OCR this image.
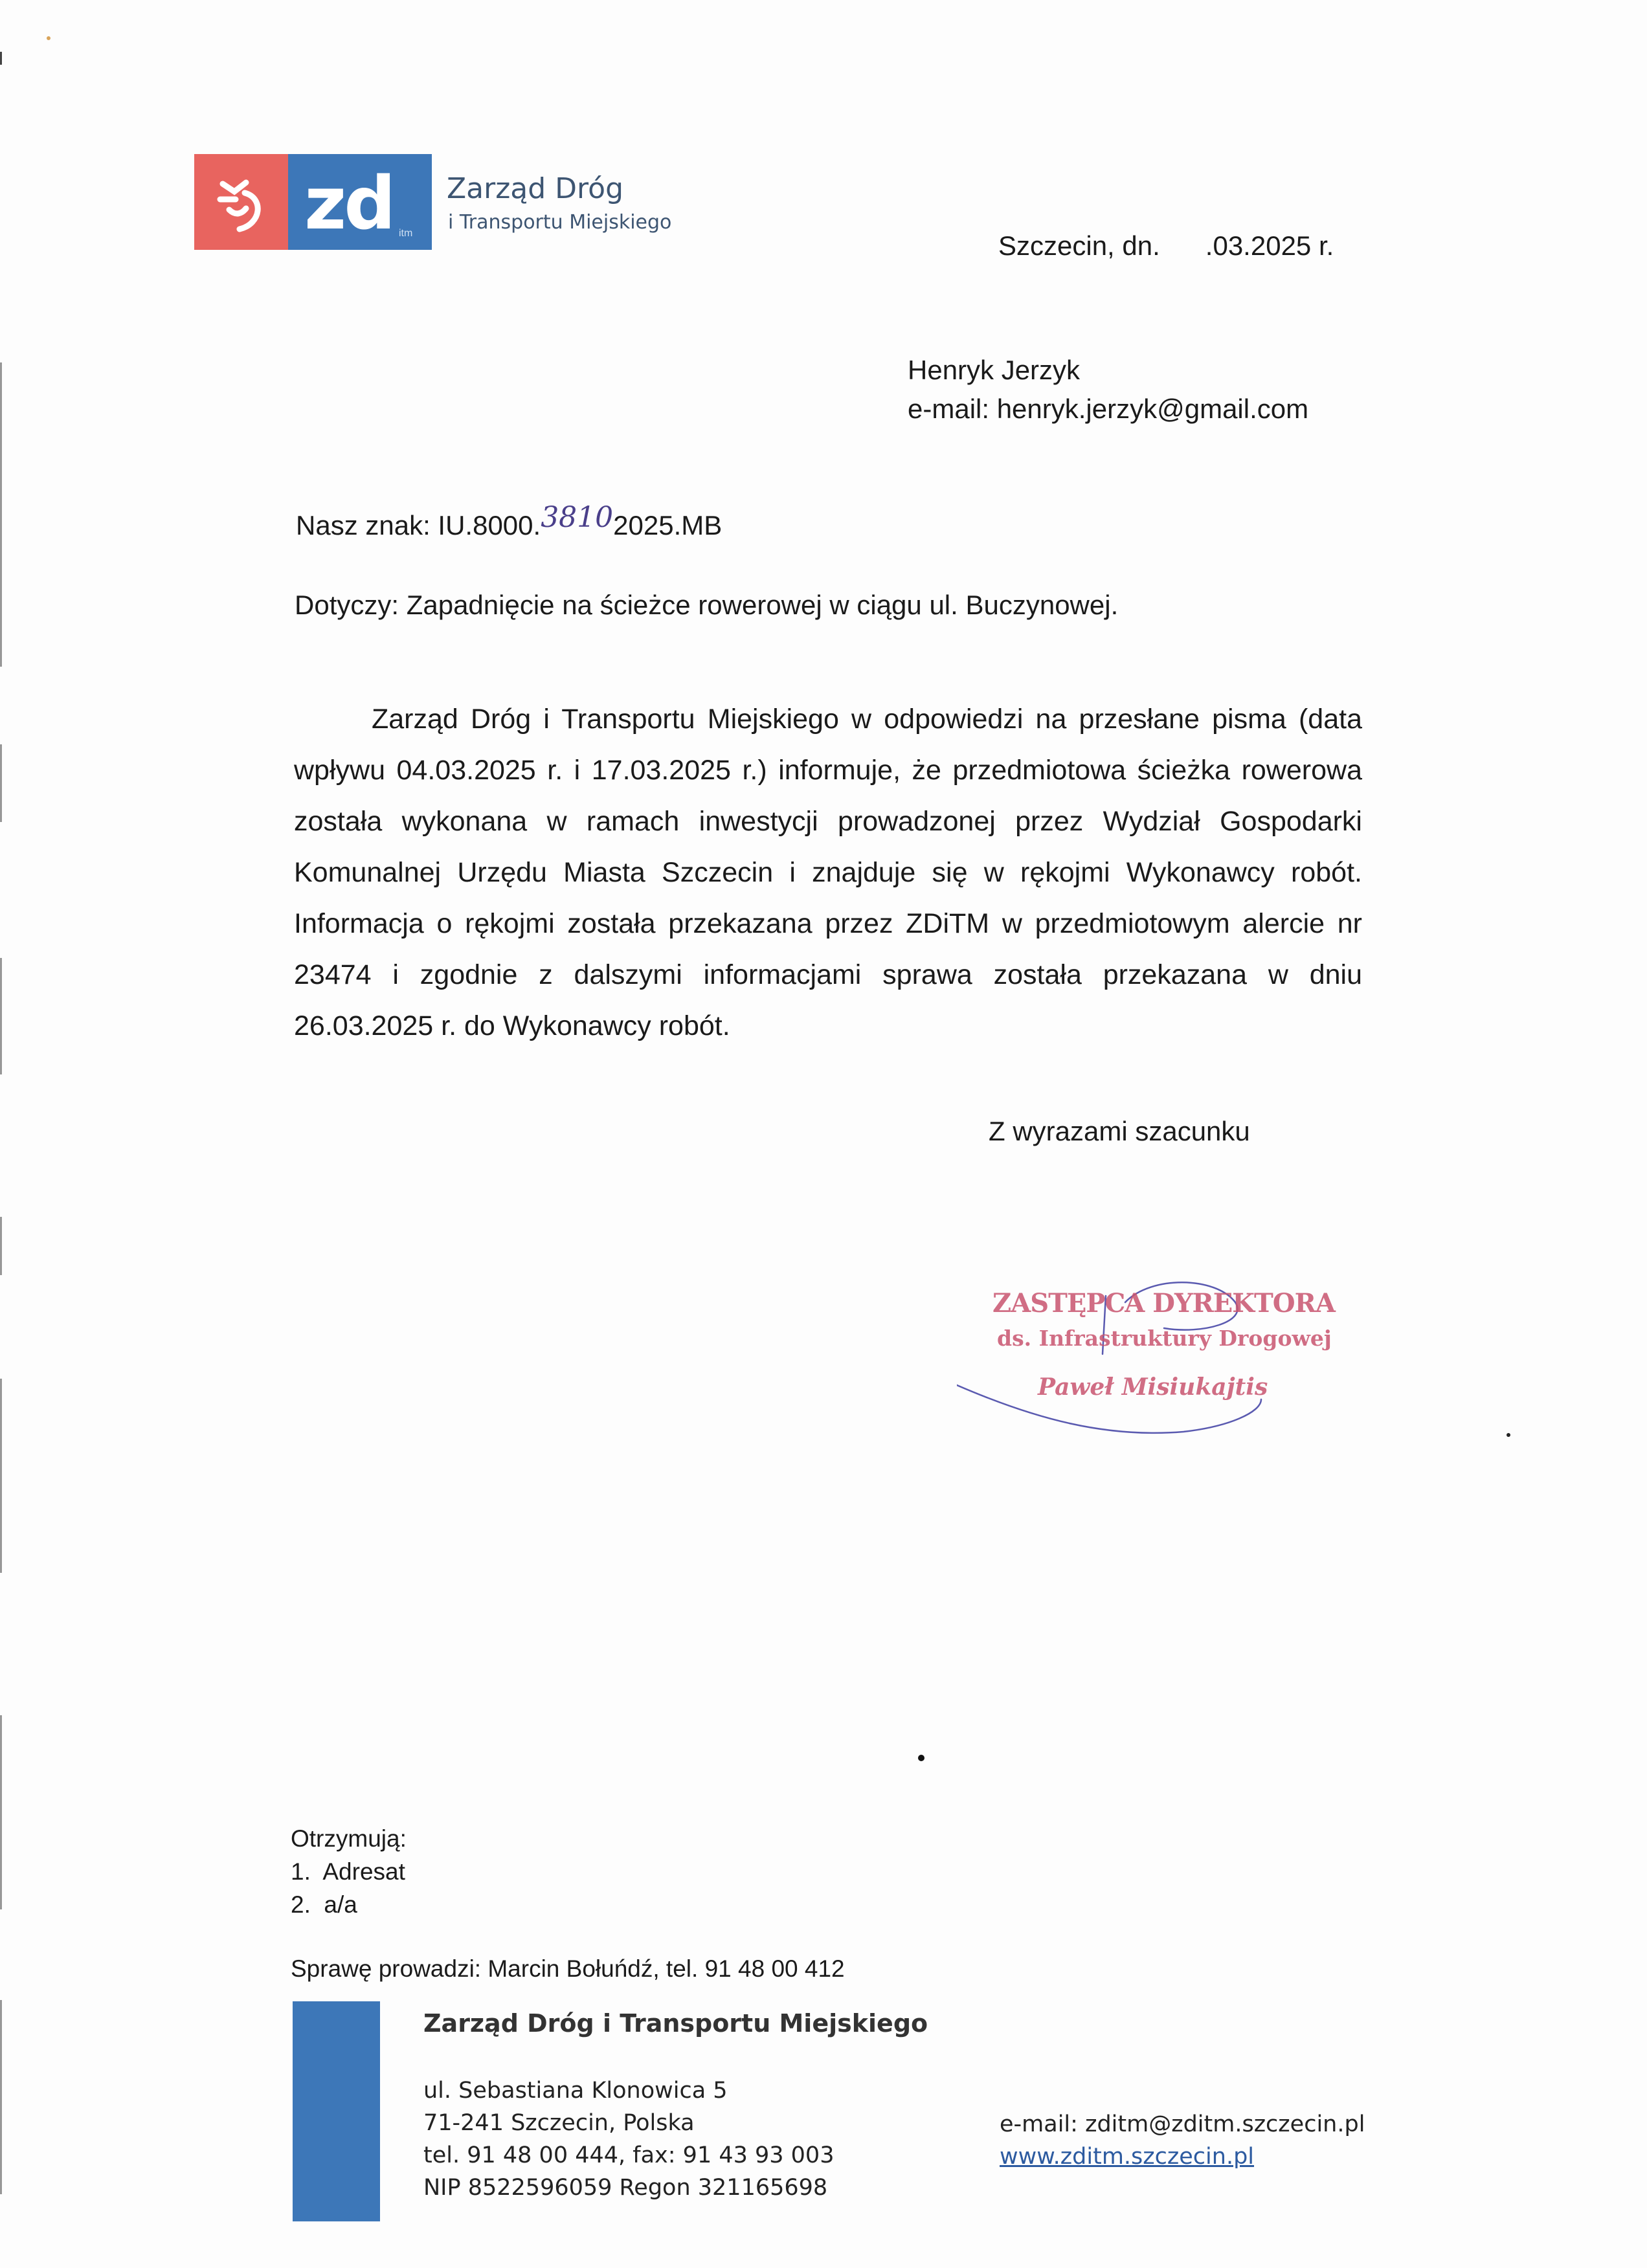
zd itm
Zarząd Dróg
i Transportu Miejskiego
Szczecin, dn.      .03.2025 r.
Henryk Jerzyk
e-mail: henryk.jerzyk@gmail.com
Nasz znak: IU.8000.38102025.MB
Dotyczy: Zapadnięcie na ścieżce rowerowej w ciągu ul. Buczynowej.
Zarząd Dróg i Transportu Miejskiego w odpowiedzi na przesłane pisma (data wpływu 04.03.2025 r. i 17.03.2025 r.) informuje, że przedmiotowa ścieżka rowerowa została wykonana w ramach inwestycji prowadzonej przez Wydział Gospodarki Komunalnej Urzędu Miasta Szczecin i znajduje się w rękojmi Wykonawcy robót. Informacja o rękojmi została przekazana przez ZDiTM w przedmiotowym alercie nr 23474 i zgodnie z dalszymi informacjami sprawa została przekazana w dniu 26.03.2025 r. do Wykonawcy robót.
Z wyrazami szacunku
ZASTĘPCA DYREKTORA
ds. Infrastruktury Drogowej
Paweł Misiukajtis
Otrzymują:
1.  Adresat
2.  a/a
Sprawę prowadzi: Marcin Bołuńdź, tel. 91 48 00 412
Zarząd Dróg i Transportu Miejskiego
ul. Sebastiana Klonowica 5
71-241 Szczecin, Polska
tel. 91 48 00 444, fax: 91 43 93 003
NIP 8522596059 Regon 321165698
e-mail: zditm@zditm.szczecin.pl
www.zditm.szczecin.pl
